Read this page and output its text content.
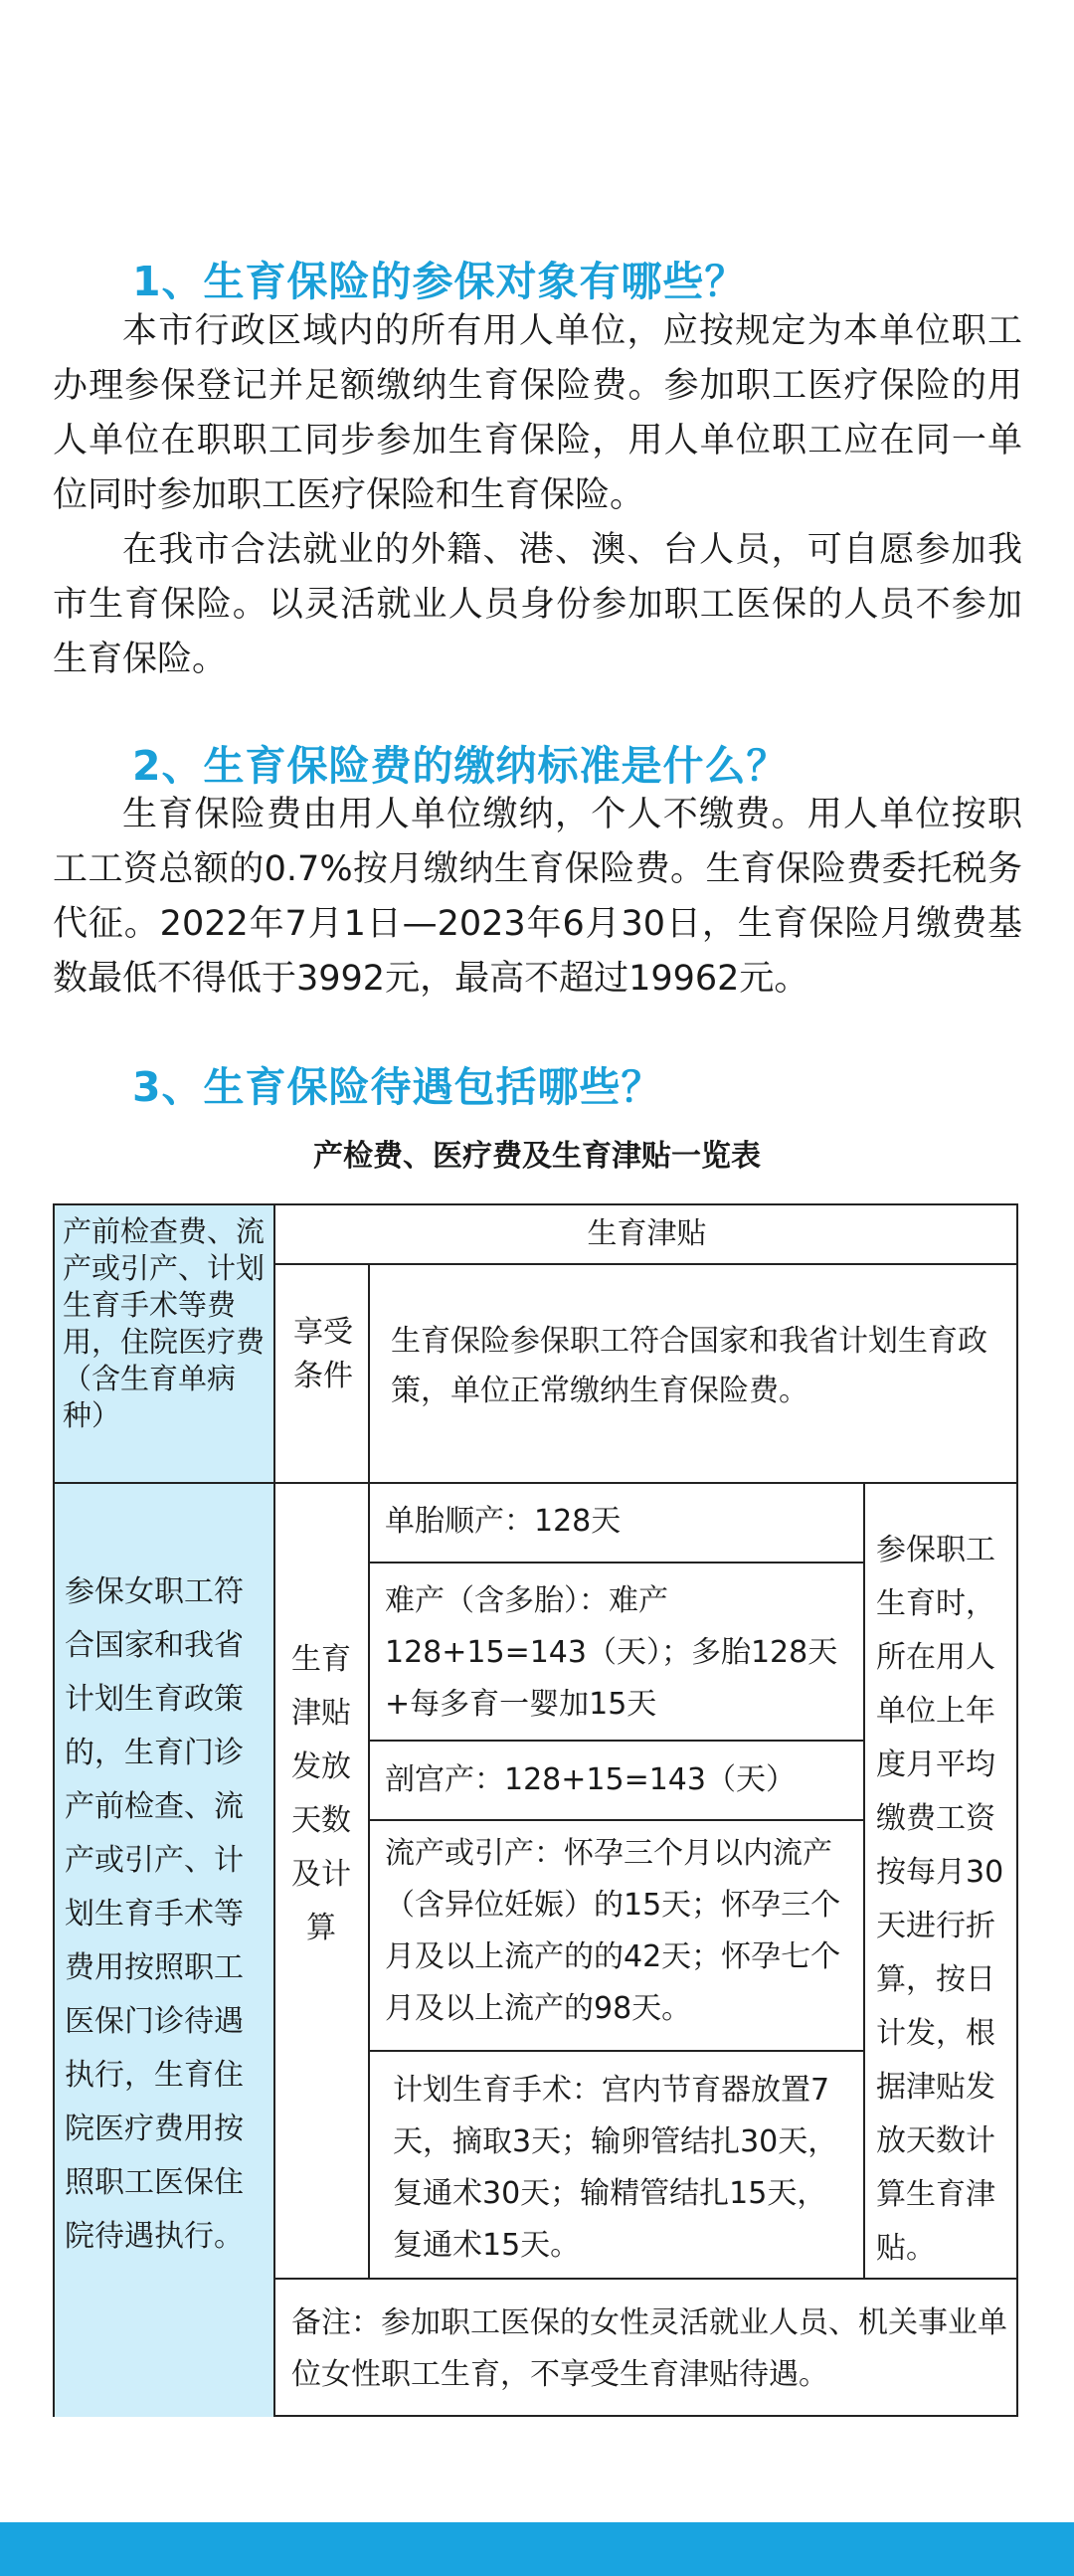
1、生育保险的参保对象有哪些？

本市行政区域内的所有用人单位，应按规定为本单位职工办理参保登记并足额缴纳生育保险费。参加职工医疗保险的用人单位在职职工同步参加生育保险，用人单位职工应在同一单位同时参加职工医疗保险和生育保险。

在我市合法就业的外籍、港、澳、台人员，可自愿参加我市生育保险。以灵活就业人员身份参加职工医保的人员不参加生育保险。

2、生育保险费的缴纳标准是什么？

生育保险费由用人单位缴纳，个人不缴费。用人单位按职工工资总额的0.7%按月缴纳生育保险费。生育保险费委托税务代征。2022年7月1日—2023年6月30日，生育保险月缴费基数最低不得低于3992元，最高不超过19962元。

3、生育保险待遇包括哪些？

产检费、医疗费及生育津贴一览表

产前检查费、流产或引产、计划生育手术等费用，住院医疗费（含生育单病种）
生育津贴
享受条件
生育保险参保职工符合国家和我省计划生育政策，单位正常缴纳生育保险费。
参保女职工符合国家和我省计划生育政策的，生育门诊产前检查、流产或引产、计划生育手术等费用按照职工医保门诊待遇执行，生育住院医疗费用按照职工医保住院待遇执行。
生育津贴发放天数及计算
单胎顺产：128天
难产（含多胎）：难产128+15=143（天）；多胎128天+每多育一婴加15天
剖宫产：128+15=143（天）
流产或引产：怀孕三个月以内流产（含异位妊娠）的15天；怀孕三个月及以上流产的的42天；怀孕七个月及以上流产的98天。
计划生育手术：宫内节育器放置7天，摘取3天；输卵管结扎30天，复通术30天；输精管结扎15天，复通术15天。
参保职工生育时，所在用人单位上年度月平均缴费工资按每月30天进行折算，按日计发，根据津贴发放天数计算生育津贴。
备注：参加职工医保的女性灵活就业人员、机关事业单位女性职工生育，不享受生育津贴待遇。
